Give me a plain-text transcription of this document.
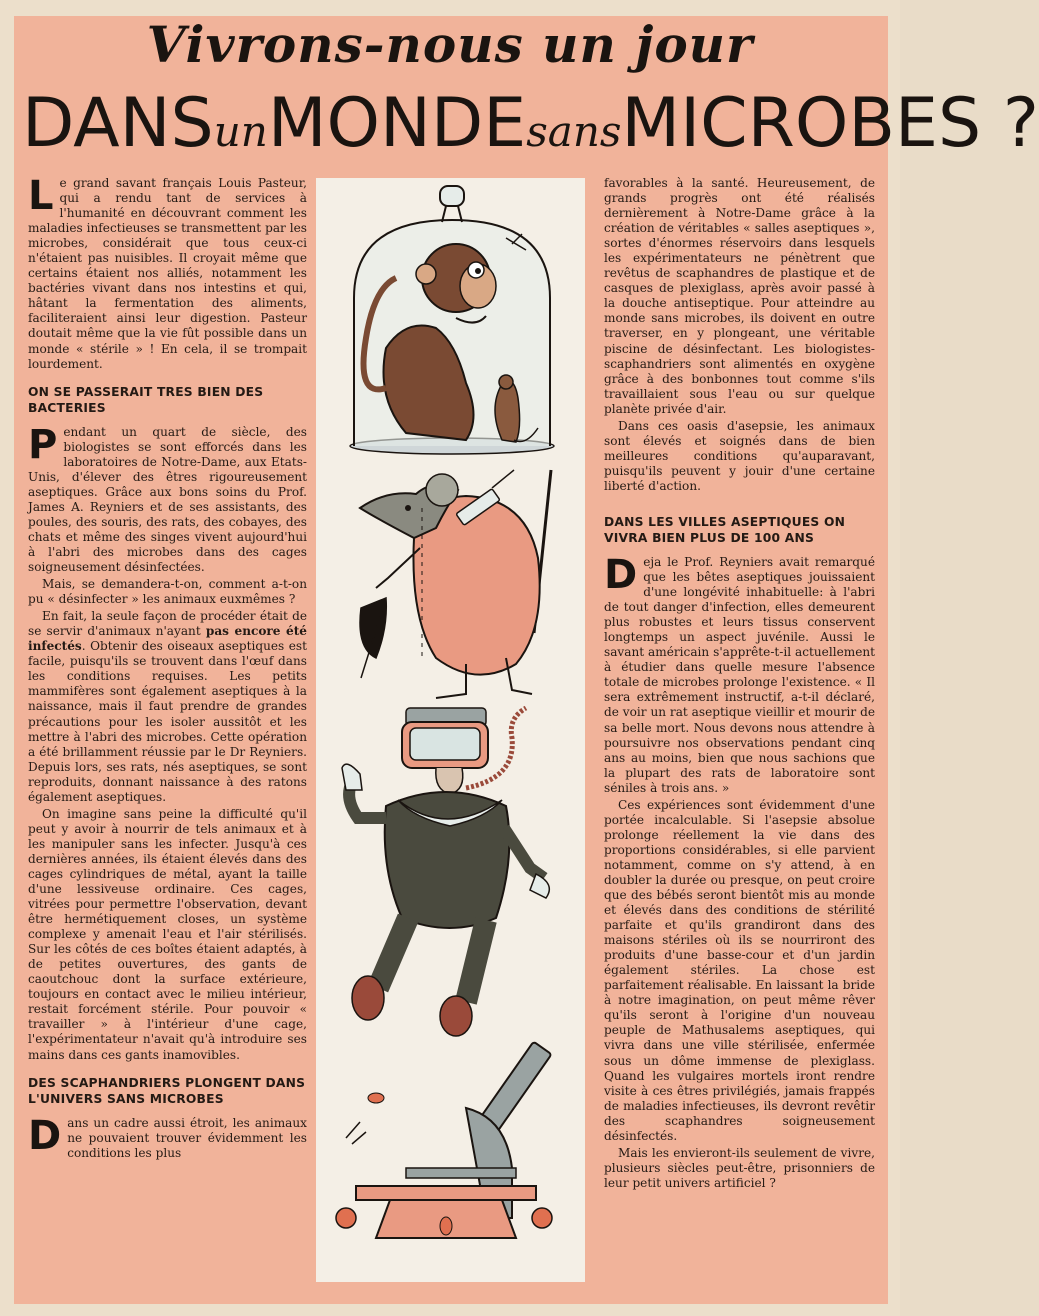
Vivrons-nous un jour
DANSunMONDEsansMICROBES ?

Le grand savant français Louis Pasteur, qui a rendu tant de services à l'humanité en découvrant comment les maladies infectieuses se transmettent par les microbes, considérait que tous ceux-ci n'étaient pas nuisibles. Il croyait même que certains étaient nos alliés, notamment les bactéries vivant dans nos intestins et qui, hâtant la fermentation des aliments, faciliteraient ainsi leur digestion. Pasteur doutait même que la vie fût possible dans un monde « stérile » ! En cela, il se trompait lourdement.

ON SE PASSERAIT TRES BIEN DES BACTERIES

Pendant un quart de siècle, des biologistes se sont efforcés dans les laboratoires de Notre-Dame, aux Etats-Unis, d'élever des êtres rigoureusement aseptiques. Grâce aux bons soins du Prof. James A. Reyniers et de ses assistants, des poules, des souris, des rats, des cobayes, des chats et même des singes vivent aujourd'hui à l'abri des microbes dans des cages soigneusement désinfectées.

Mais, se demandera-t-on, comment a-t-on pu « désinfecter » les animaux euxmêmes ?

En fait, la seule façon de procéder était de se servir d'animaux n'ayant pas encore été infectés. Obtenir des oiseaux aseptiques est facile, puisqu'ils se trouvent dans l'œuf dans les conditions requises. Les petits mammifères sont également aseptiques à la naissance, mais il faut prendre de grandes précautions pour les isoler aussitôt et les mettre à l'abri des microbes. Cette opération a été brillamment réussie par le Dr Reyniers. Depuis lors, ses rats, nés aseptiques, se sont reproduits, donnant naissance à des ratons également aseptiques.

On imagine sans peine la difficulté qu'il peut y avoir à nourrir de tels animaux et à les manipuler sans les infecter. Jusqu'à ces dernières années, ils étaient élevés dans des cages cylindriques de métal, ayant la taille d'une lessiveuse ordinaire. Ces cages, vitrées pour permettre l'observation, devant être hermétiquement closes, un système complexe y amenait l'eau et l'air stérilisés. Sur les côtés de ces boîtes étaient adaptés, à de petites ouvertures, des gants de caoutchouc dont la surface extérieure, toujours en contact avec le milieu intérieur, restait forcément stérile. Pour pouvoir « travailler » à l'intérieur d'une cage, l'expérimentateur n'avait qu'à introduire ses mains dans ces gants inamovibles.

DES SCAPHANDRIERS PLONGENT DANS L'UNIVERS SANS MICROBES

Dans un cadre aussi étroit, les animaux ne pouvaient trouver évidemment les conditions les plus

favorables à la santé. Heureusement, de grands progrès ont été réalisés dernièrement à Notre-Dame grâce à la création de véritables « salles aseptiques », sortes d'énormes réservoirs dans lesquels les expérimentateurs ne pénètrent que revêtus de scaphandres de plastique et de casques de plexiglass, après avoir passé à la douche antiseptique. Pour atteindre au monde sans microbes, ils doivent en outre traverser, en y plongeant, une véritable piscine de désinfectant. Les biologistes-scaphandriers sont alimentés en oxygène grâce à des bonbonnes tout comme s'ils travaillaient sous l'eau ou sur quelque planète privée d'air.

Dans ces oasis d'asepsie, les animaux sont élevés et soignés dans de bien meilleures conditions qu'auparavant, puisqu'ils peuvent y jouir d'une certaine liberté d'action.

DANS LES VILLES ASEPTIQUES ON VIVRA BIEN PLUS DE 100 ANS

Deja le Prof. Reyniers avait remarqué que les bêtes aseptiques jouissaient d'une longévité inhabituelle: à l'abri de tout danger d'infection, elles demeurent plus robustes et leurs tissus conservent longtemps un aspect juvénile. Aussi le savant américain s'apprête-t-il actuellement à étudier dans quelle mesure l'absence totale de microbes prolonge l'existence. « Il sera extrêmement instructif, a-t-il déclaré, de voir un rat aseptique vieillir et mourir de sa belle mort. Nous devons nous attendre à poursuivre nos observations pendant cinq ans au moins, bien que nous sachions que la plupart des rats de laboratoire sont séniles à trois ans. »

Ces expériences sont évidemment d'une portée incalculable. Si l'asepsie absolue prolonge réellement la vie dans des proportions considérables, si elle parvient notamment, comme on s'y attend, à en doubler la durée ou presque, on peut croire que des bébés seront bientôt mis au monde et élevés dans des conditions de stérilité parfaite et qu'ils grandiront dans des maisons stériles où ils se nourriront des produits d'une basse-cour et d'un jardin également stériles. La chose est parfaitement réalisable. En laissant la bride à notre imagination, on peut même rêver qu'ils seront à l'origine d'un nouveau peuple de Mathusalems aseptiques, qui vivra dans une ville stérilisée, enfermée sous un dôme immense de plexiglass. Quand les vulgaires mortels iront rendre visite à ces êtres privilégiés, jamais frappés de maladies infectieuses, ils devront revêtir des scaphandres soigneusement désinfectés.

Mais les envieront-ils seulement de vivre, plusieurs siècles peut-être, prisonniers de leur petit univers artificiel ?
